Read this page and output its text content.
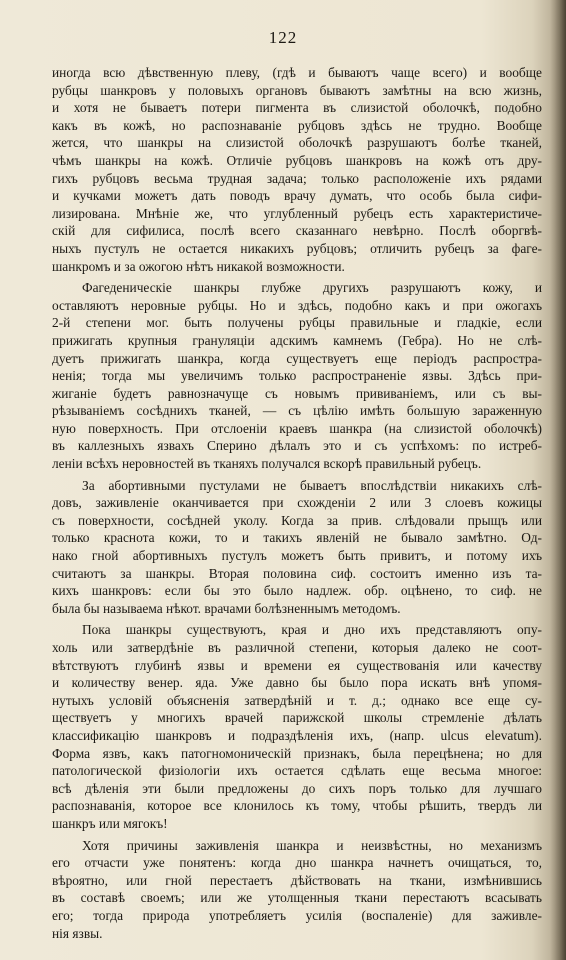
122
иногда всю дѣвственную плеву, (гдѣ и бываютъ чаще всего) и вообще
рубцы шанкровъ у половыхъ органовъ бываютъ замѣтны на всю жизнь,
и хотя не бываетъ потери пигмента въ слизистой оболочкѣ, подобно
какъ въ кожѣ, но распознаваніе рубцовъ здѣсь не трудно. Вообще
жется, что шанкры на слизистой оболочкѣ разрушаютъ болѣе тканей,
чѣмъ шанкры на кожѣ. Отличіе рубцовъ шанкровъ на кожѣ отъ дру-
гихъ рубцовъ весьма трудная задача; только расположеніе ихъ рядами
и кучками можетъ дать поводъ врачу думать, что особь была сифи-
лизирована. Мнѣніе же, что углубленный рубецъ есть характеристиче-
скій для сифилиса, послѣ всего сказаннаго невѣрно. Послѣ оборгвѣ-
ныхъ пустулъ не остается никакихъ рубцовъ; отличить рубецъ за фаге-
шанкромъ и за ожогою нѣтъ никакой возможности.
Фагеденическіе шанкры глубже другихъ разрушаютъ кожу, и
оставляютъ неровные рубцы. Но и здѣсь, подобно какъ и при ожогахъ
2-й степени мог. быть получены рубцы правильные и гладкіе, если
прижигать крупныя грануляціи адскимъ камнемъ (Гебра). Но не слѣ-
дуетъ прижигать шанкра, когда существуетъ еще періодъ распростра-
ненія; тогда мы увеличимъ только распространеніе язвы. Здѣсь при-
жиганіе будетъ равнозначуще съ новымъ прививаніемъ, или съ вы-
рѣзываніемъ сосѣднихъ тканей, — съ цѣлію имѣть большую зараженную
ную поверхность. При отслоеніи краевъ шанкра (на слизистой оболочкѣ)
въ каллезныхъ язвахъ Сперино дѣлалъ это и съ успѣхомъ: по истреб-
леніи всѣхъ неровностей въ тканяхъ получался вскорѣ правильный рубецъ.
За абортивными пустулами не бываетъ впослѣдствіи никакихъ слѣ-
довъ, заживленіе оканчивается при схожденіи 2 или 3 слоевъ кожицы
съ поверхности, сосѣдней уколу. Когда за прив. слѣдовали прыщъ или
только краснота кожи, то и такихъ явленій не бывало замѣтно. Од-
нако гной абортивныхъ пустулъ можетъ быть привитъ, и потому ихъ
считаютъ за шанкры. Вторая половина сиф. состоитъ именно изъ та-
кихъ шанкровъ: если бы это было надлеж. обр. оцѣнено, то сиф. не
была бы называема нѣкот. врачами болѣзненнымъ методомъ.
Пока шанкры существуютъ, края и дно ихъ представляютъ опу-
холь или затвердѣніе въ различной степени, которыя далеко не соот-
вѣтствуютъ глубинѣ язвы и времени ея существованія или качеству
и количеству венер. яда. Уже давно бы было пора искать внѣ упомя-
нутыхъ условій объясненія затвердѣній и т. д.; однако все еще су-
ществуетъ у многихъ врачей парижской школы стремленіе дѣлать
классификацію шанкровъ и подраздѣленія ихъ, (напр. ulcus elevatum).
Форма язвъ, какъ патогномоническій признакъ, была перецѣнена; но для
патологической физіологіи ихъ остается сдѣлать еще весьма многое:
всѣ дѣленія эти были предложены до сихъ поръ только для лучшаго
распознаванія, которое все клонилось къ тому, чтобы рѣшить, твердъ ли
шанкръ или мягокъ!
Хотя причины заживленія шанкра и неизвѣстны, но механизмъ
его отчасти уже понятенъ: когда дно шанкра начнетъ очищаться, то,
вѣроятно, или гной перестаетъ дѣйствовать на ткани, измѣнившись
въ составѣ своемъ; или же утолщенныя ткани перестаютъ всасывать
его; тогда природа употребляетъ усилія (воспаленіе) для заживле-
нія язвы.
